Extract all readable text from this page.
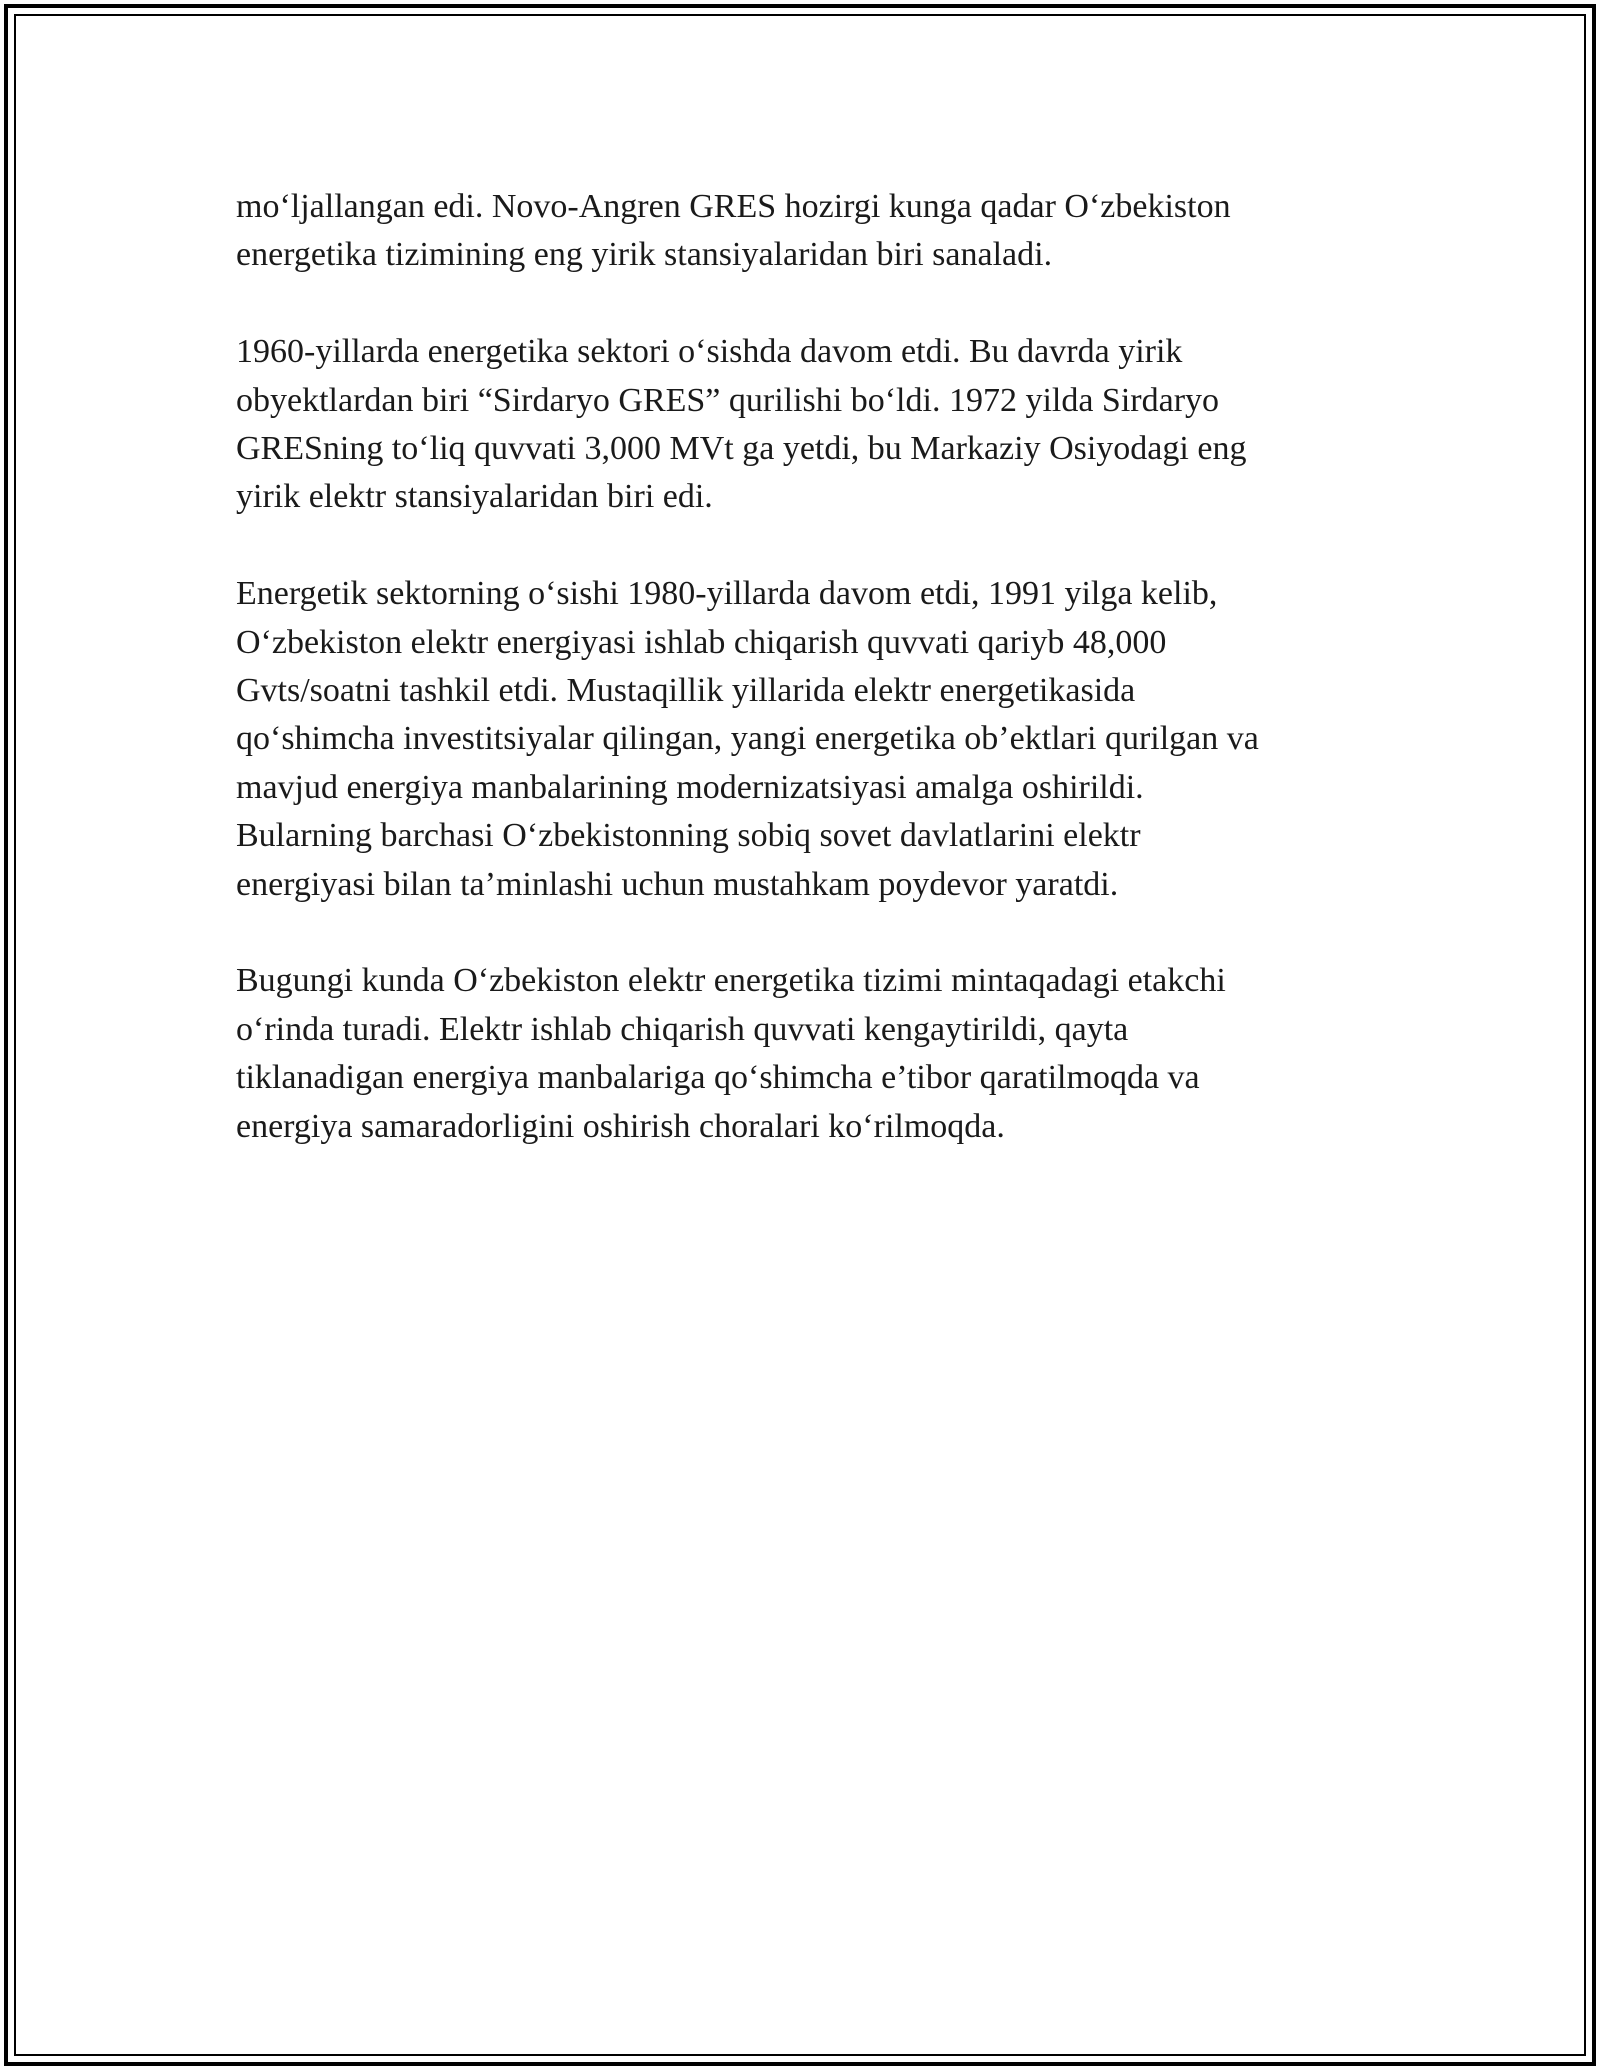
mo‘ljallangan edi. Novo-Angren GRES hozirgi kunga qadar O‘zbekiston
energetika tizimining eng yirik stansiyalaridan biri sanaladi.

1960-yillarda energetika sektori o‘sishda davom etdi. Bu davrda yirik
obyektlardan biri “Sirdaryo GRES” qurilishi bo‘ldi. 1972 yilda Sirdaryo
GRESning to‘liq quvvati 3,000 MVt ga yetdi, bu Markaziy Osiyodagi eng
yirik elektr stansiyalaridan biri edi.

Energetik sektorning o‘sishi 1980-yillarda davom etdi, 1991 yilga kelib,
O‘zbekiston elektr energiyasi ishlab chiqarish quvvati qariyb 48,000
Gvts/soatni tashkil etdi. Mustaqillik yillarida elektr energetikasida
qo‘shimcha investitsiyalar qilingan, yangi energetika ob’ektlari qurilgan va
mavjud energiya manbalarining modernizatsiyasi amalga oshirildi.
Bularning barchasi O‘zbekistonning sobiq sovet davlatlarini elektr
energiyasi bilan ta’minlashi uchun mustahkam poydevor yaratdi.

Bugungi kunda O‘zbekiston elektr energetika tizimi mintaqadagi etakchi
o‘rinda turadi. Elektr ishlab chiqarish quvvati kengaytirildi, qayta
tiklanadigan energiya manbalariga qo‘shimcha e’tibor qaratilmoqda va
energiya samaradorligini oshirish choralari ko‘rilmoqda.
